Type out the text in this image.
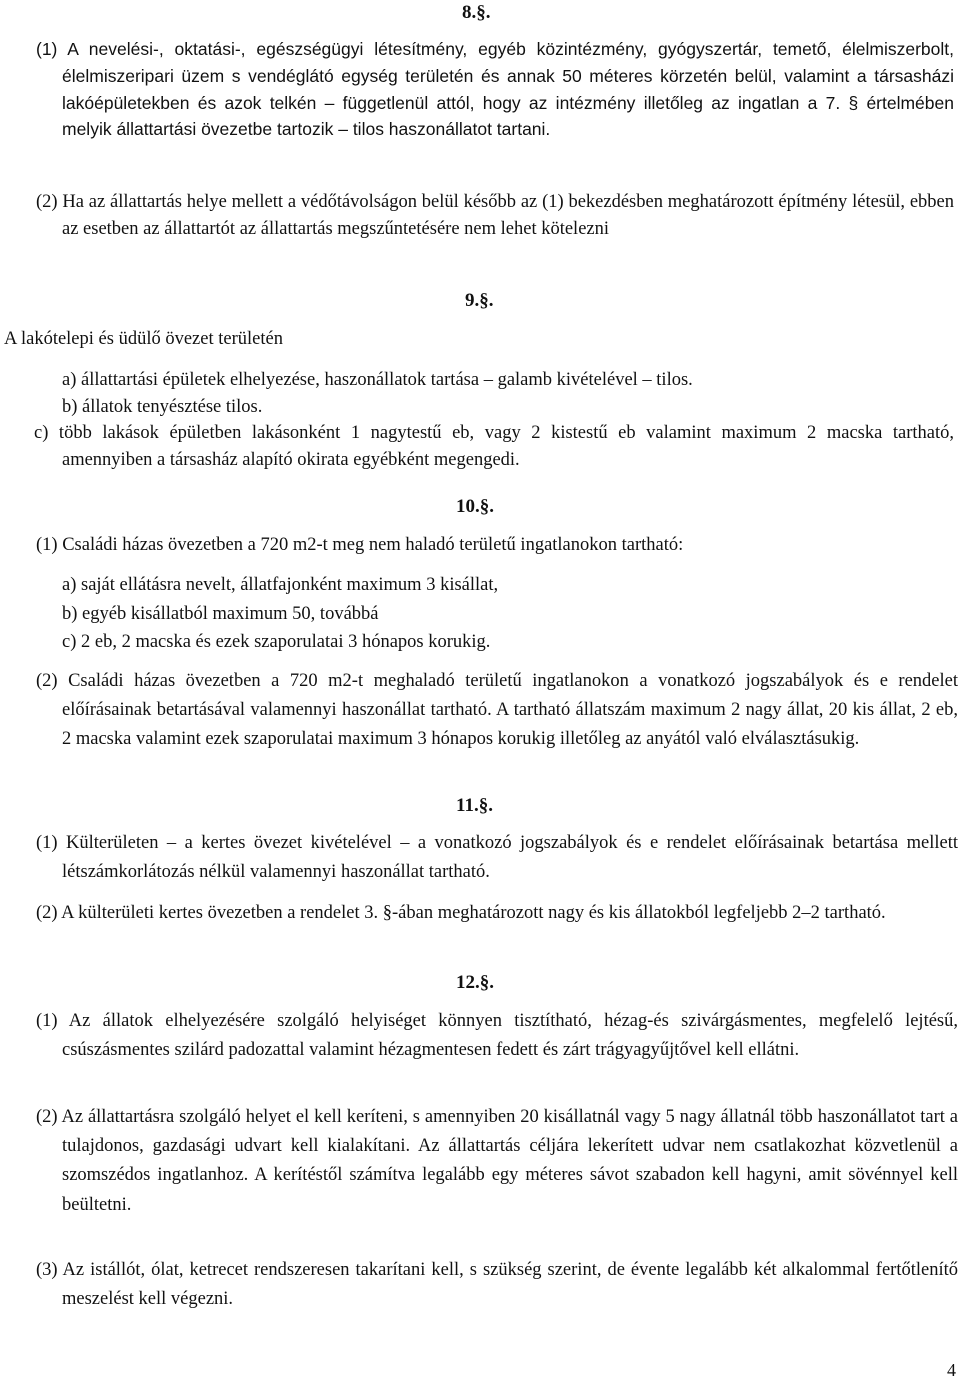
8.§.

(1) A nevelési-, oktatási-, egészségügyi létesítmény, egyéb közintézmény, gyógyszertár, temető, élelmiszerbolt, élelmiszeripari üzem s vendéglátó egység területén és annak 50 méteres körzetén belül, valamint a társasházi lakóépületekben és azok telkén – függetlenül attól, hogy az intézmény illetőleg az ingatlan a 7. § értelmében melyik állattartási övezetbe tartozik – tilos haszonállatot tartani.

(2) Ha az állattartás helye mellett a védőtávolságon belül később az (1) bekezdésben meghatározott építmény létesül, ebben az esetben az állattartót az állattartás megszűntetésére nem lehet kötelezni

9.§.

A lakótelepi és üdülő övezet területén

a) állattartási épületek elhelyezése, haszonállatok tartása – galamb kivételével – tilos.
b) állatok tenyésztése tilos.
c) több lakások épületben lakásonként 1 nagytestű eb, vagy 2 kistestű eb valamint maximum 2 macska tartható, amennyiben a társasház alapító okirata egyébként megengedi.
10.§.

(1) Családi házas övezetben a 720 m2-t meg nem haladó területű ingatlanokon tartható:

a) saját ellátásra nevelt, állatfajonként maximum 3 kisállat,
b) egyéb kisállatból maximum 50, továbbá
c) 2 eb, 2 macska és ezek szaporulatai 3 hónapos korukig.

(2) Családi házas övezetben a 720 m2-t meghaladó területű ingatlanokon a vonatkozó jogszabályok és e rendelet előírásainak betartásával valamennyi haszonállat tartható. A tartható állatszám maximum 2 nagy állat, 20 kis állat, 2 eb, 2 macska valamint ezek szaporulatai maximum 3 hónapos korukig illetőleg az anyától való elválasztásukig.

11.§.

(1) Külterületen – a kertes övezet kivételével – a vonatkozó jogszabályok és e rendelet előírásainak betartása mellett létszámkorlátozás nélkül valamennyi haszonállat tartható.

(2) A külterületi kertes övezetben a rendelet 3. §-ában meghatározott nagy és kis állatokból legfeljebb 2–2 tartható.

12.§.

(1) Az állatok elhelyezésére szolgáló helyiséget könnyen tisztítható, hézag-és szivárgásmentes, megfelelő lejtésű, csúszásmentes szilárd padozattal valamint hézagmentesen fedett és zárt trágyagyűjtővel kell ellátni.

(2) Az állattartásra szolgáló helyet el kell keríteni, s amennyiben 20 kisállatnál vagy 5 nagy állatnál több haszonállatot tart a tulajdonos, gazdasági udvart kell kialakítani. Az állattartás céljára lekerített udvar nem csatlakozhat közvetlenül a szomszédos ingatlanhoz. A kerítéstől számítva legalább egy méteres sávot szabadon kell hagyni, amit sövénnyel kell beültetni.

(3) Az istállót, ólat, ketrecet rendszeresen takarítani kell, s szükség szerint, de évente legalább két alkalommal fertőtlenítő meszelést kell végezni.

4
